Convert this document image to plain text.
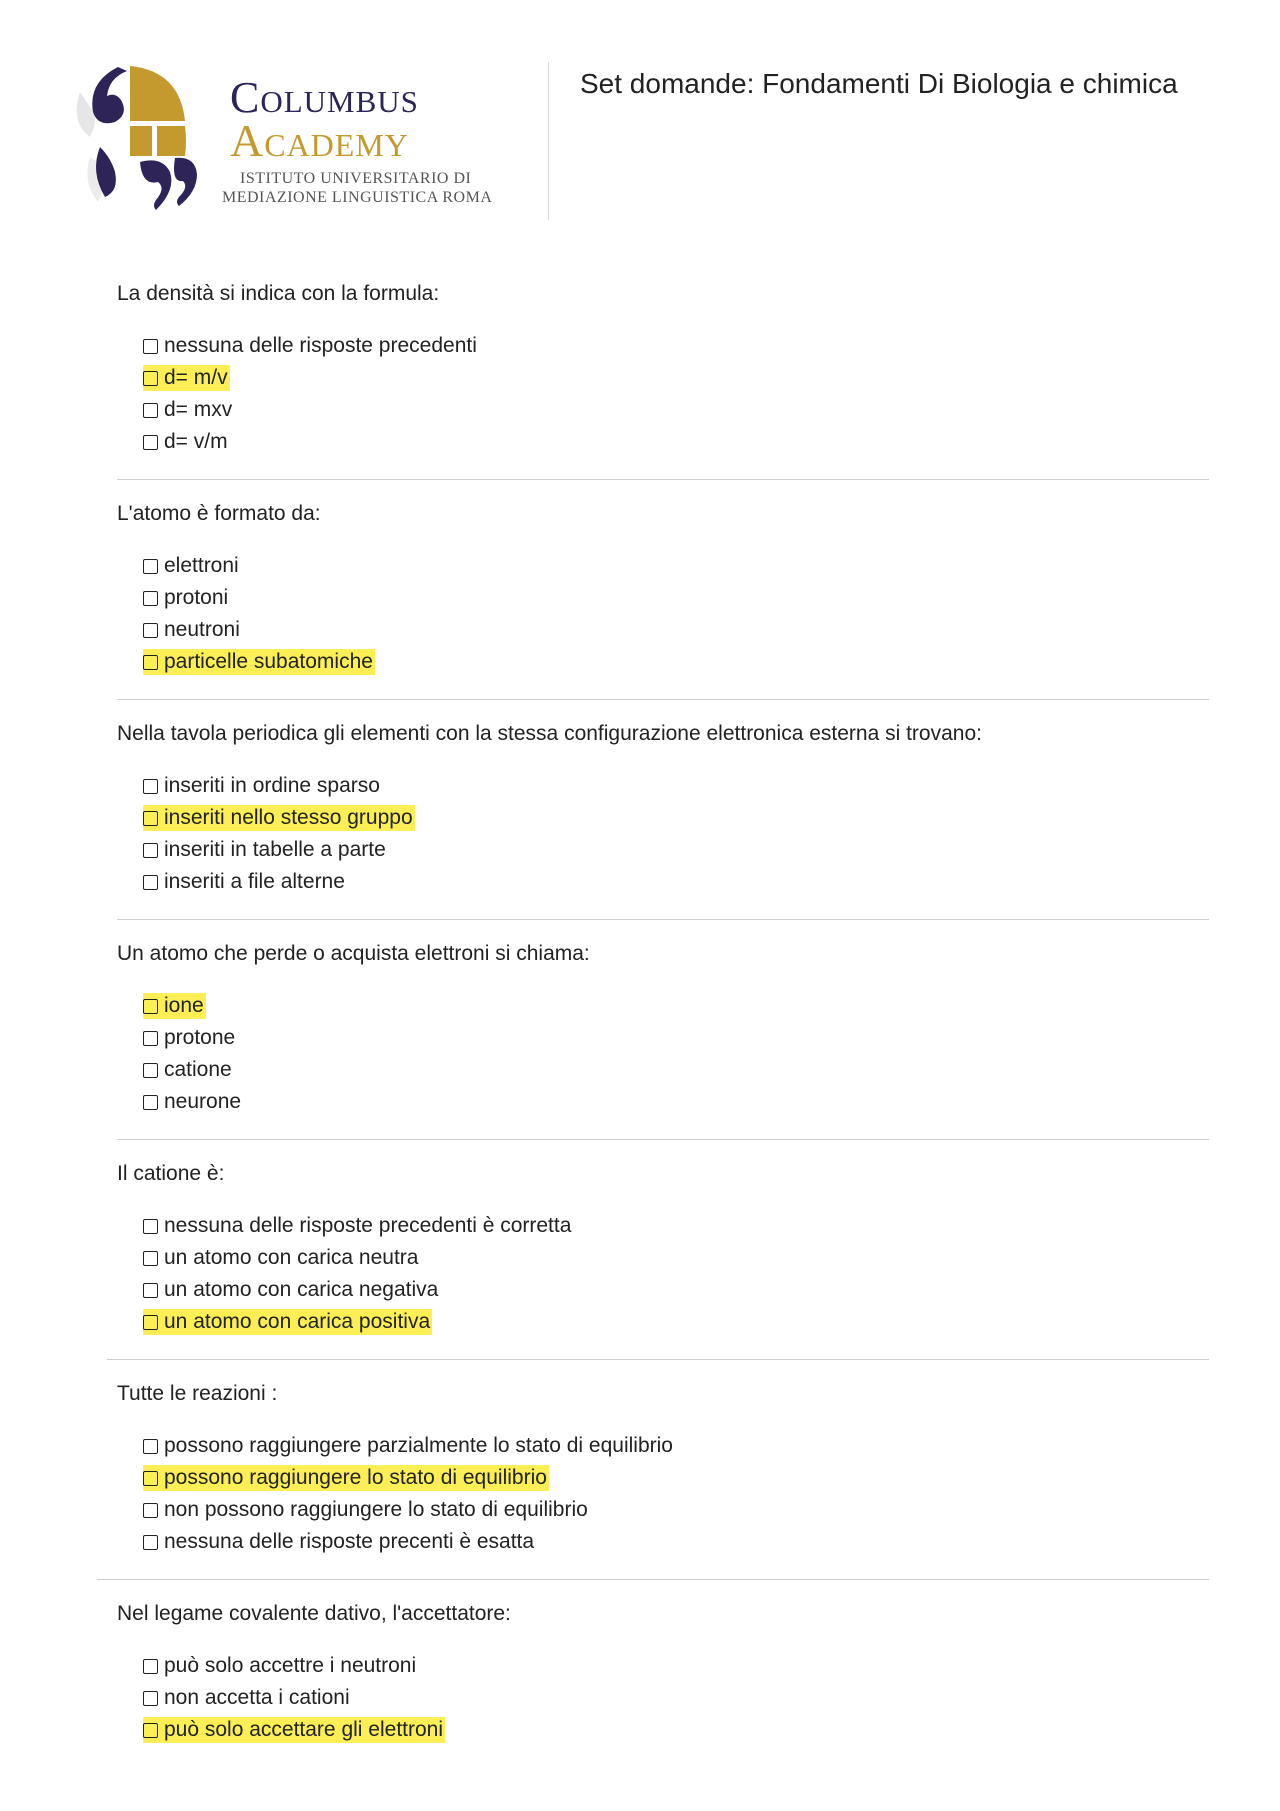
Columbus
Academy
ISTITUTO UNIVERSITARIO DI
MEDIAZIONE LINGUISTICA ROMA
Set domande: Fondamenti Di Biologia e chimica
La densità si indica con la formula:
nessuna delle risposte precedenti
d= m/v
d= mxv
d= v/m
L'atomo è formato da:
elettroni
protoni
neutroni
particelle subatomiche
Nella tavola periodica gli elementi con la stessa configurazione elettronica esterna si trovano:
inseriti in ordine sparso
inseriti nello stesso gruppo
inseriti in tabelle a parte
inseriti a file alterne
Un atomo che perde o acquista elettroni si chiama:
ione
protone
catione
neurone
Il catione è:
nessuna delle risposte precedenti è corretta
un atomo con carica neutra
un atomo con carica negativa
un atomo con carica positiva
Tutte le reazioni :
possono raggiungere parzialmente lo stato di equilibrio
possono raggiungere lo stato di equilibrio
non possono raggiungere lo stato di equilibrio
nessuna delle risposte precenti è esatta
Nel legame covalente dativo, l'accettatore:
può solo accettre i neutroni
non accetta i cationi
può solo accettare gli elettroni
